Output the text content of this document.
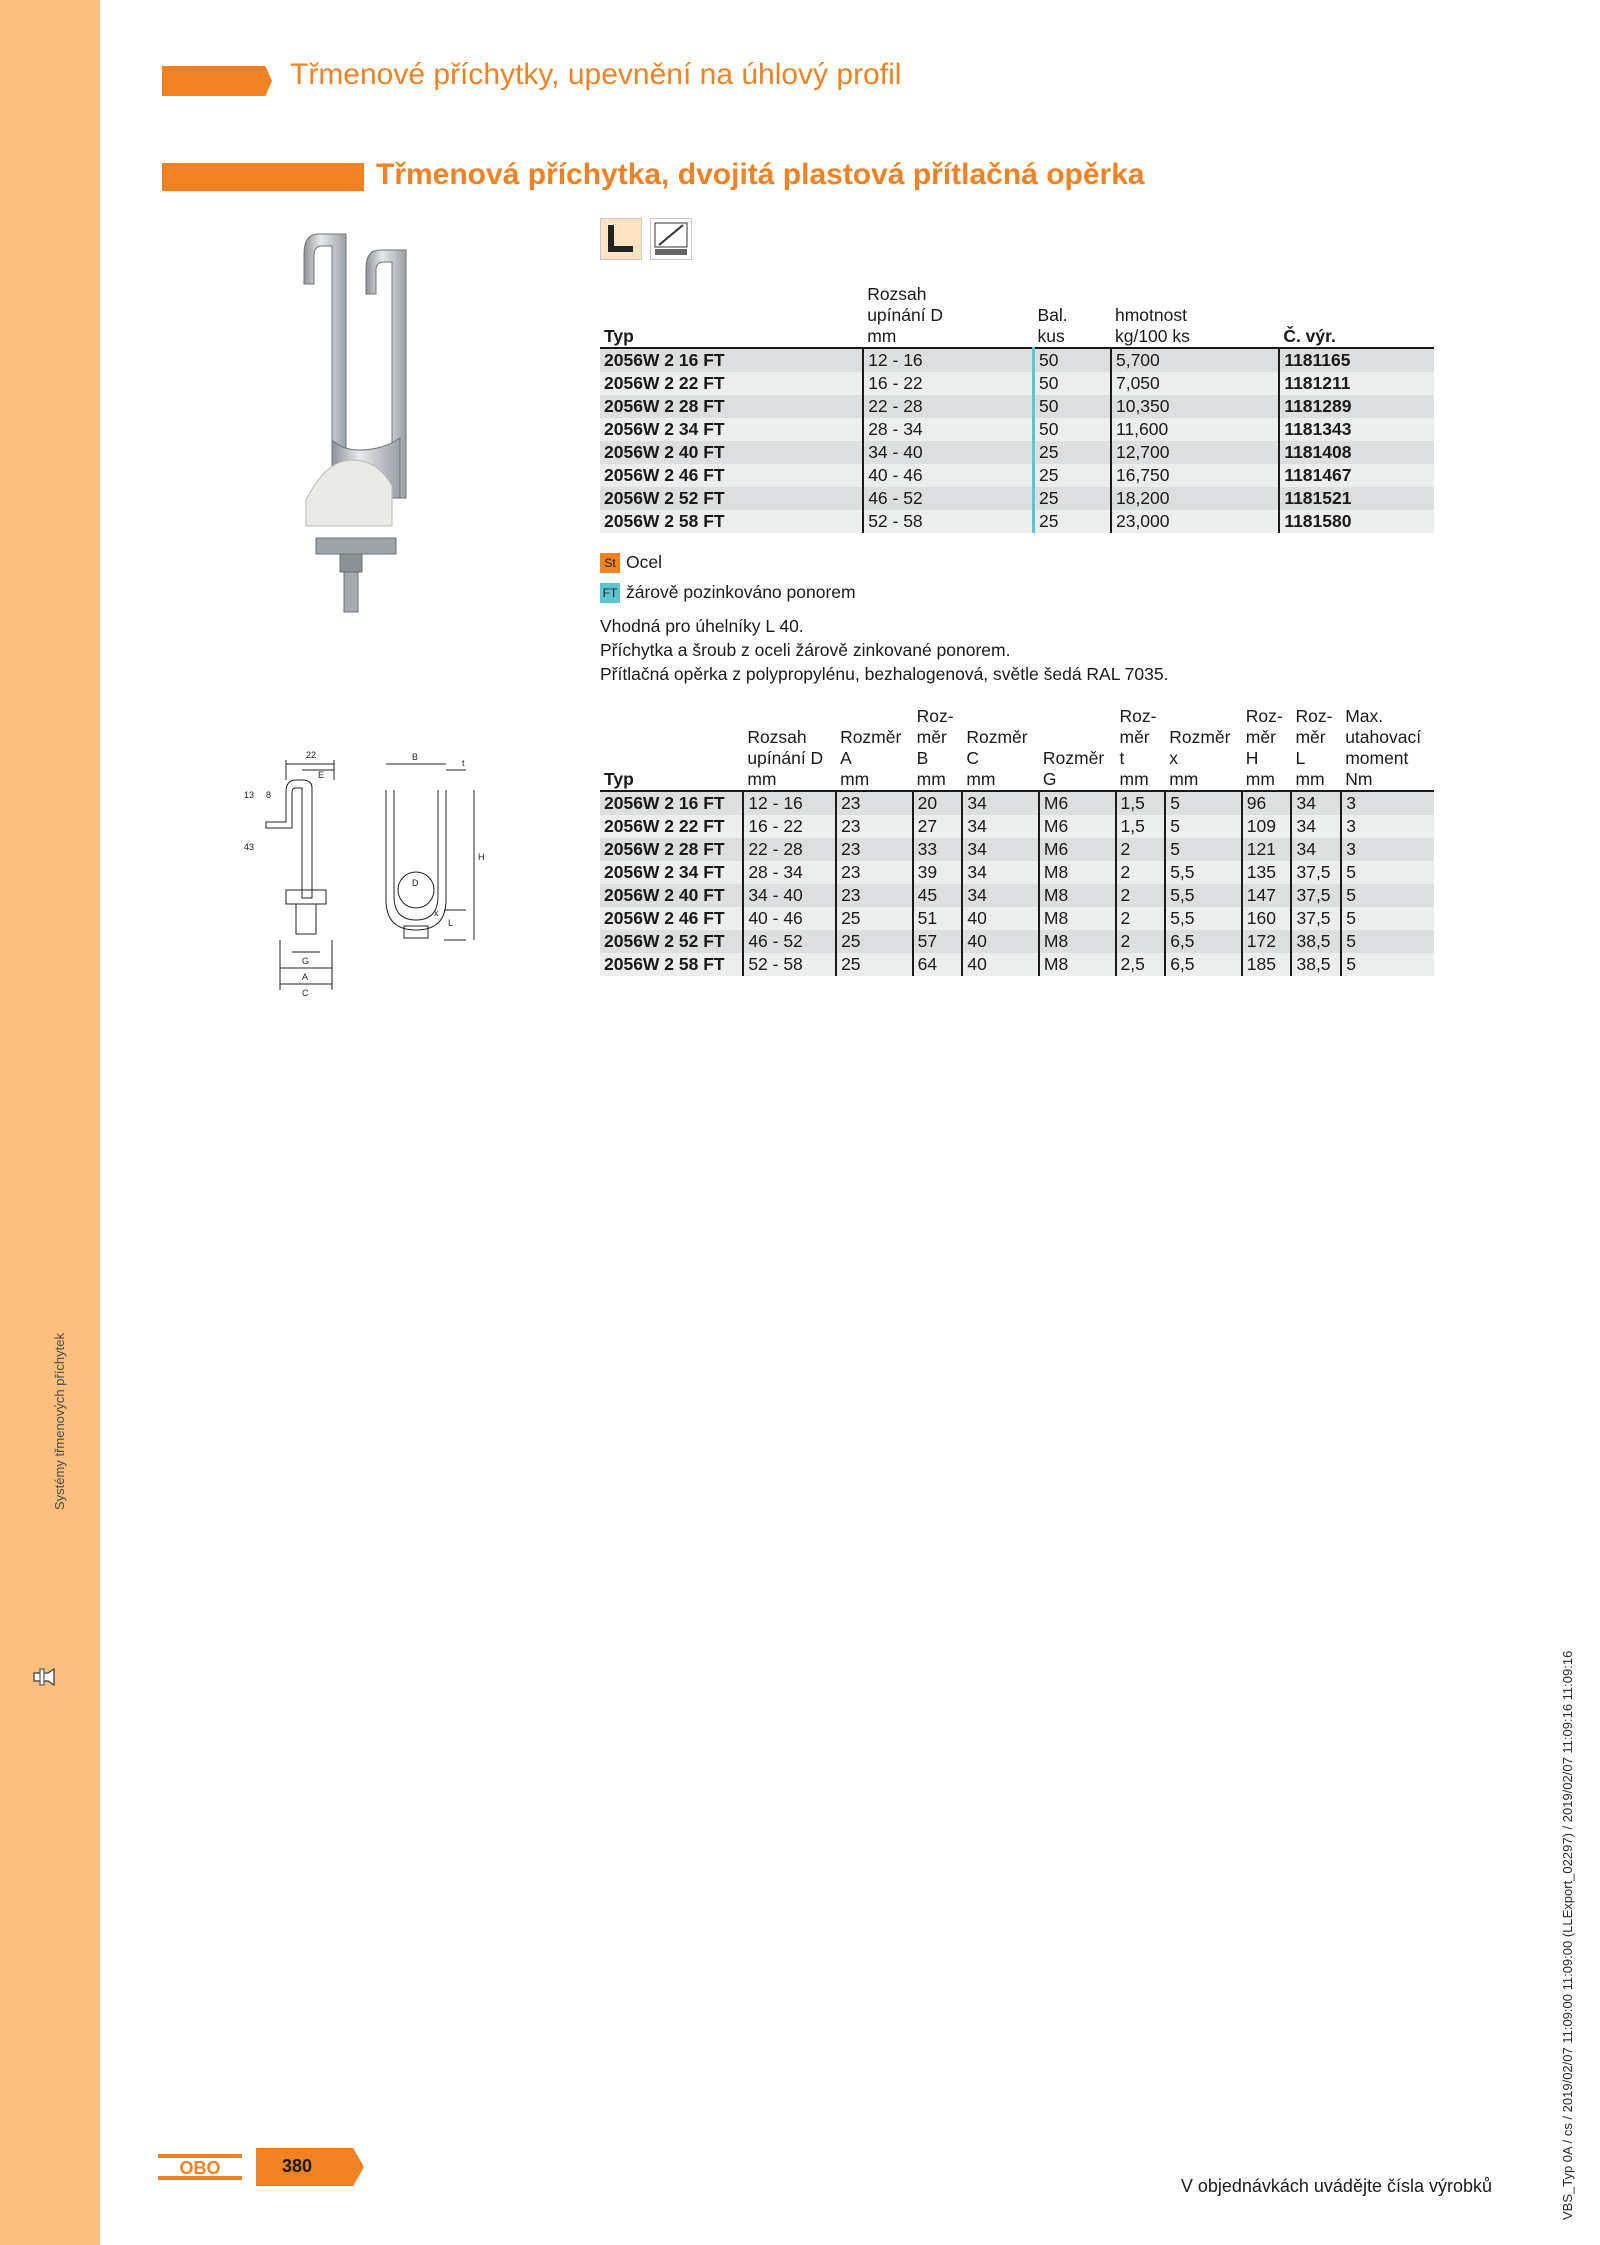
Systémy třmenových příchytek
Třmenové příchytky, upevnění na úhlový profil
Třmenová příchytka, dvojitá plastová přítlačná opěrka
22
E
B
t
13 8
43
H
D
L
x
G
A
C
Typ	Rozsah
upínání D
mm	Bal.
kus	hmotnost
kg/100 ks	Č. výr.
2056W 2 16 FT	12 - 16	50	5,700	1181165
2056W 2 22 FT	16 - 22	50	7,050	1181211
2056W 2 28 FT	22 - 28	50	10,350	1181289
2056W 2 34 FT	28 - 34	50	11,600	1181343
2056W 2 40 FT	34 - 40	25	12,700	1181408
2056W 2 46 FT	40 - 46	25	16,750	1181467
2056W 2 52 FT	46 - 52	25	18,200	1181521
2056W 2 58 FT	52 - 58	25	23,000	1181580
St Ocel
FT žárově pozinkováno ponorem
Vhodná pro úhelníky L 40.
Příchytka a šroub z oceli žárově zinkované ponorem.
Přítlačná opěrka z polypropylénu, bezhalogenová, světle šedá RAL 7035.
Typ	Rozsah
upínání D
mm	Rozměr
A
mm	Roz-
měr
B
mm	Rozměr
C
mm	Rozměr
G	Roz-
měr
t
mm	Rozměr
x
mm	Roz-
měr
H
mm	Roz-
měr
L
mm	Max.
utahovací
moment
Nm
2056W 2 16 FT	12 - 16	23	20	34	M6	1,5	5	96	34	3
2056W 2 22 FT	16 - 22	23	27	34	M6	1,5	5	109	34	3
2056W 2 28 FT	22 - 28	23	33	34	M6	2	5	121	34	3
2056W 2 34 FT	28 - 34	23	39	34	M8	2	5,5	135	37,5	5
2056W 2 40 FT	34 - 40	23	45	34	M8	2	5,5	147	37,5	5
2056W 2 46 FT	40 - 46	25	51	40	M8	2	5,5	160	37,5	5
2056W 2 52 FT	46 - 52	25	57	40	M8	2	6,5	172	38,5	5
2056W 2 58 FT	52 - 58	25	64	40	M8	2,5	6,5	185	38,5	5
OBO	380
V objednávkách uvádějte čísla výrobků	VBS_Typ 0A / cs / 2019/02/07 11:09:00 11:09:00 (LLExport_02297) / 2019/02/07 11:09:16 11:09:16
